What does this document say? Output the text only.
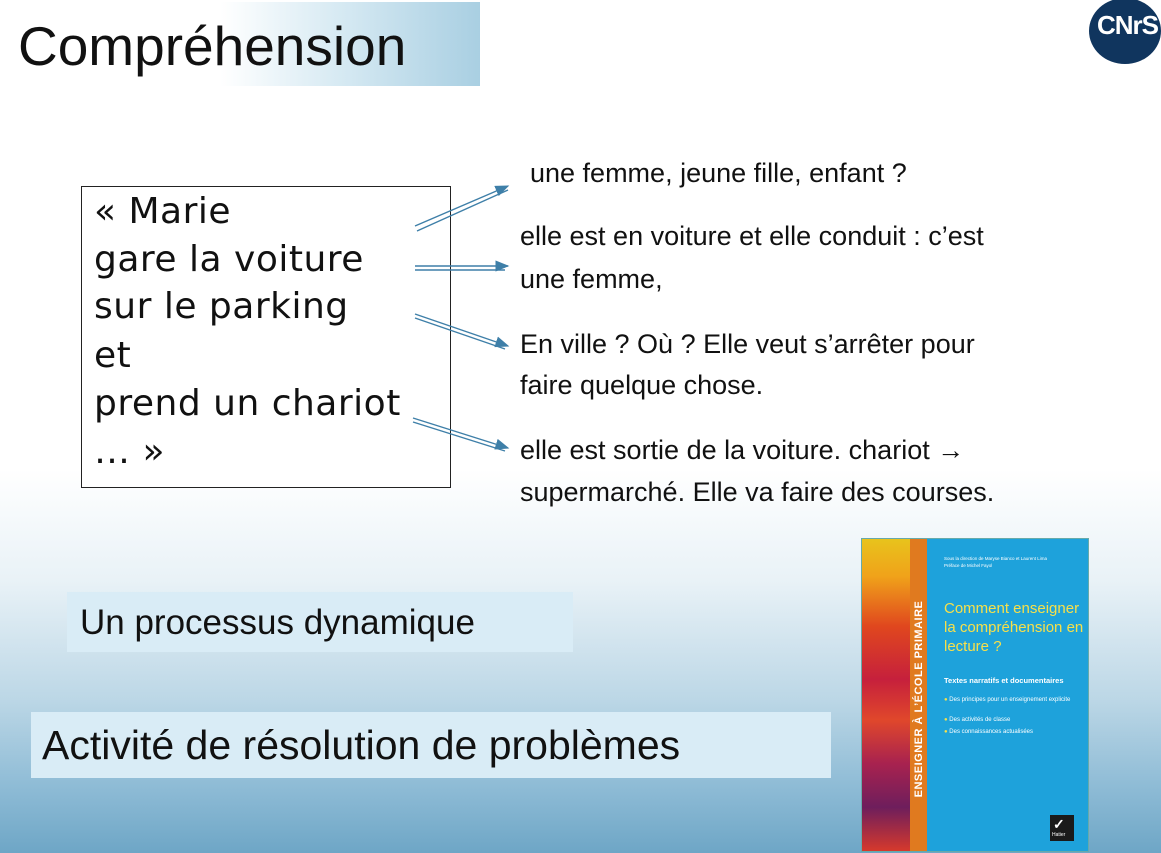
Compréhension	CNrS
« Marie
gare la voiture
sur le parking
et
prend un chariot
… »
une femme, jeune fille, enfant ?
elle est en voiture et elle conduit : c’est
une femme,
En ville ? Où ? Elle veut s’arrêter pour
faire quelque chose.
elle est sortie de la voiture. chariot →
supermarché. Elle va faire des courses.
Un processus dynamique
Activité de résolution de problèmes	ENSEIGNER À L’ÉCOLE PRIMAIRE
Sous la direction de Maryse Bianco et Laurent Lima
Préface de Michel Fayol
Comment enseigner la compréhension en lecture ?
Textes narratifs et documentaires
● Des principes pour un enseignement explicite
● Des activités de classe
● Des connaissances actualisées
✓
Hatier
